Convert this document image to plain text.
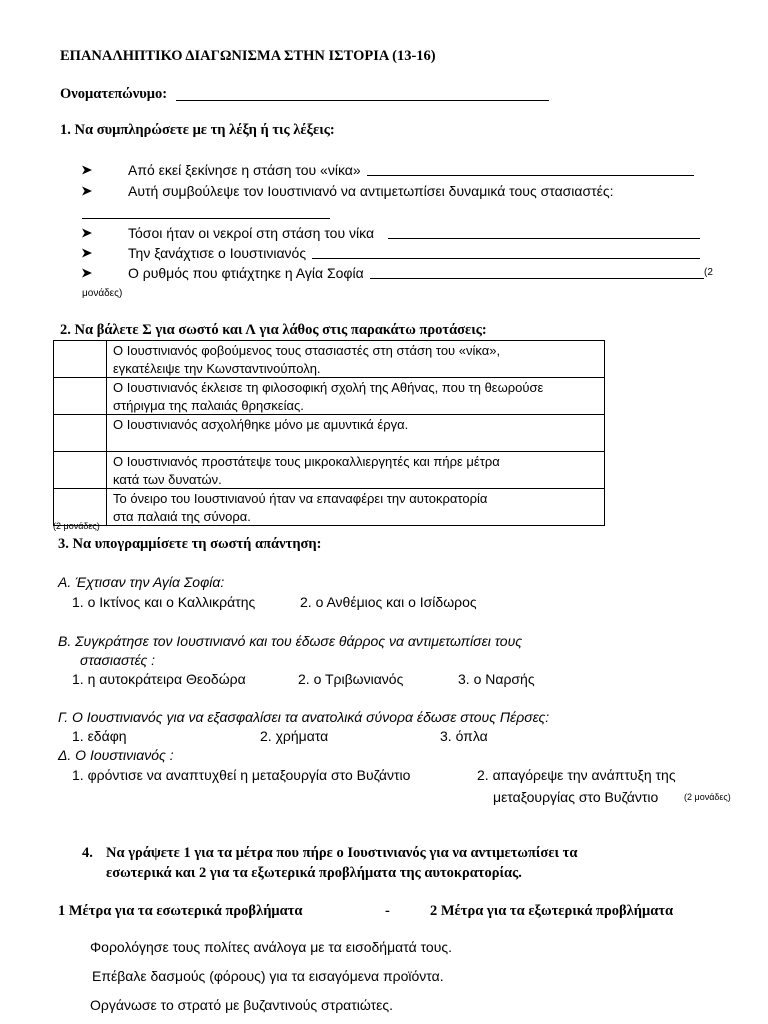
ΕΠΑΝΑΛΗΠΤΙΚΟ ΔΙΑΓΩΝΙΣΜΑ ΣΤΗΝ ΙΣΤΟΡΙΑ (13-16)
Ονοματεπώνυμο:
1. Να συμπληρώσετε με τη λέξη ή τις λέξεις:
Από εκεί ξεκίνησε η στάση του «νίκα»
Αυτή συμβούλεψε τον Ιουστινιανό να αντιμετωπίσει δυναμικά τους στασιαστές:
Τόσοι ήταν οι νεκροί στη στάση του νίκα
Την ξανάχτισε ο Ιουστινιανός
Ο ρυθμός που φτιάχτηκε η Αγία Σοφία	(2
μονάδες)
2. Να βάλετε Σ για σωστό και Λ για λάθος στις παρακάτω προτάσεις:

	Ο Ιουστινιανός φοβούμενος τους στασιαστές στη στάση του «νίκα»,
εγκατέλειψε την Κωνσταντινούπολη.

	Ο Ιουστινιανός έκλεισε τη φιλοσοφική σχολή της Αθήνας, που τη θεωρούσε
στήριγμα της παλαιάς θρησκείας.

	Ο Ιουστινιανός ασχολήθηκε μόνο με αμυντικά έργα.

	Ο Ιουστινιανός προστάτεψε τους μικροκαλλιεργητές και πήρε μέτρα
κατά των δυνατών.

	Το όνειρο του Ιουστινιανού ήταν να επαναφέρει την αυτοκρατορία
στα παλαιά της σύνορα.
(2 μονάδες)
3. Να υπογραμμίσετε τη σωστή απάντηση:
Α. Έχτισαν την Αγία Σοφία:
1. ο Ικτίνος και ο Καλλικράτης	2. ο Ανθέμιος και ο Ισίδωρος
Β. Συγκράτησε τον Ιουστινιανό και του έδωσε θάρρος να αντιμετωπίσει τους
στασιαστές :
1. η αυτοκράτειρα Θεοδώρα	2. ο Τριβωνιανός	3. ο Ναρσής
Γ. Ο Ιουστινιανός για να εξασφαλίσει τα ανατολικά σύνορα έδωσε στους Πέρσες:
1. εδάφη	2. χρήματα	3. όπλα
Δ. Ο Ιουστινιανός :
1. φρόντισε να αναπτυχθεί η μεταξουργία στο Βυζάντιο	2. απαγόρεψε την ανάπτυξη της
μεταξουργίας στο Βυζάντιο	(2 μονάδες)
4. Να γράψετε 1 για τα μέτρα που πήρε ο Ιουστινιανός για να αντιμετωπίσει τα
εσωτερικά και 2 για τα εξωτερικά προβλήματα της αυτοκρατορίας.
1 Μέτρα για τα εσωτερικά προβλήματα	-	2 Μέτρα για τα εξωτερικά προβλήματα
Φορολόγησε τους πολίτες ανάλογα με τα εισοδήματά τους.
Επέβαλε δασμούς (φόρους) για τα εισαγόμενα προϊόντα.
Οργάνωσε το στρατό με βυζαντινούς στρατιώτες.
